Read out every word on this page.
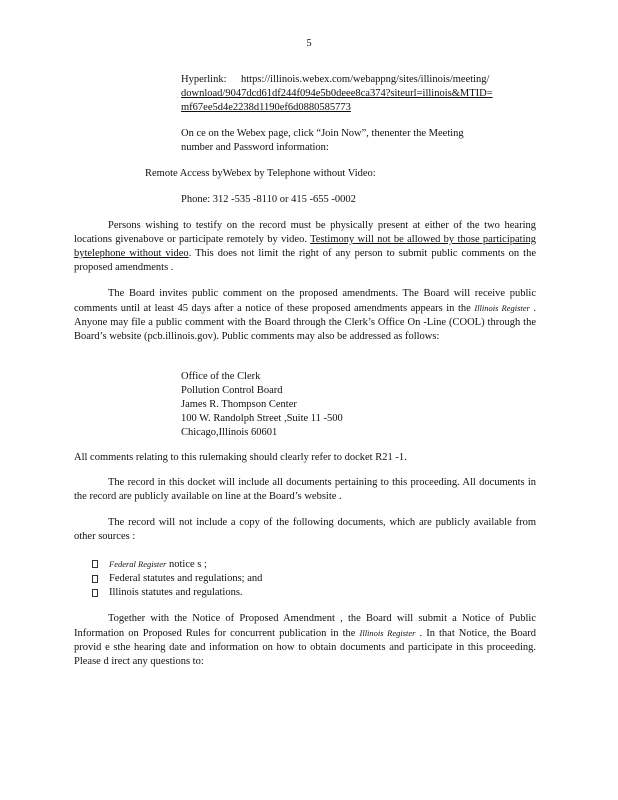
5
Hyperlink: https://illinois.webex.com/webappng/sites/illinois/meeting/
download/9047dcd61df244f094e5b0deee8ca374?siteurl=illinois&MTID=
mf67ee5d4e2238d1190ef6d0880585773
On ce on the Webex page, click “Join Now”, thenenter the Meeting
number and Password information:
Remote Access byWebex by Telephone without Video:
Phone: 312 -535 -8110 or 415 -655 -0002

Persons wishing to testify on the record must be physically present at either of the two hearing locations givenabove or participate remotely by video. Testimony will not be allowed by those participating bytelephone without video. This does not limit the right of any person to submit public comments on the proposed amendments .

The Board invites public comment on the proposed amendments. The Board will receive public comments until at least 45 days after a notice of these proposed amendments appears in the Illinois Register . Anyone may file a public comment with the Board through the Clerk’s Office On -Line (COOL) through the Board’s website (pcb.illinois.gov). Public comments may also be addressed as follows:

Office of the Clerk
Pollution Control Board
James R. Thompson Center
100 W. Randolph Street ,Suite 11 -500
Chicago,Illinois 60601
All comments relating to this rulemaking should clearly refer to docket R21 -1.

The record in this docket will include all documents pertaining to this proceeding. All documents in the record are publicly available on line at the Board’s website .

The record will not include a copy of the following documents, which are publicly available from other sources :

Federal Register notice s ;
Federal statutes and regulations; and
Illinois statutes and regulations.

Together with the Notice of Proposed Amendment , the Board will submit a Notice of Public Information on Proposed Rules for concurrent publication in the Illinois Register . In that Notice, the Board provid e sthe hearing date and information on how to obtain documents and participate in this proceeding. Please d irect any questions to:
